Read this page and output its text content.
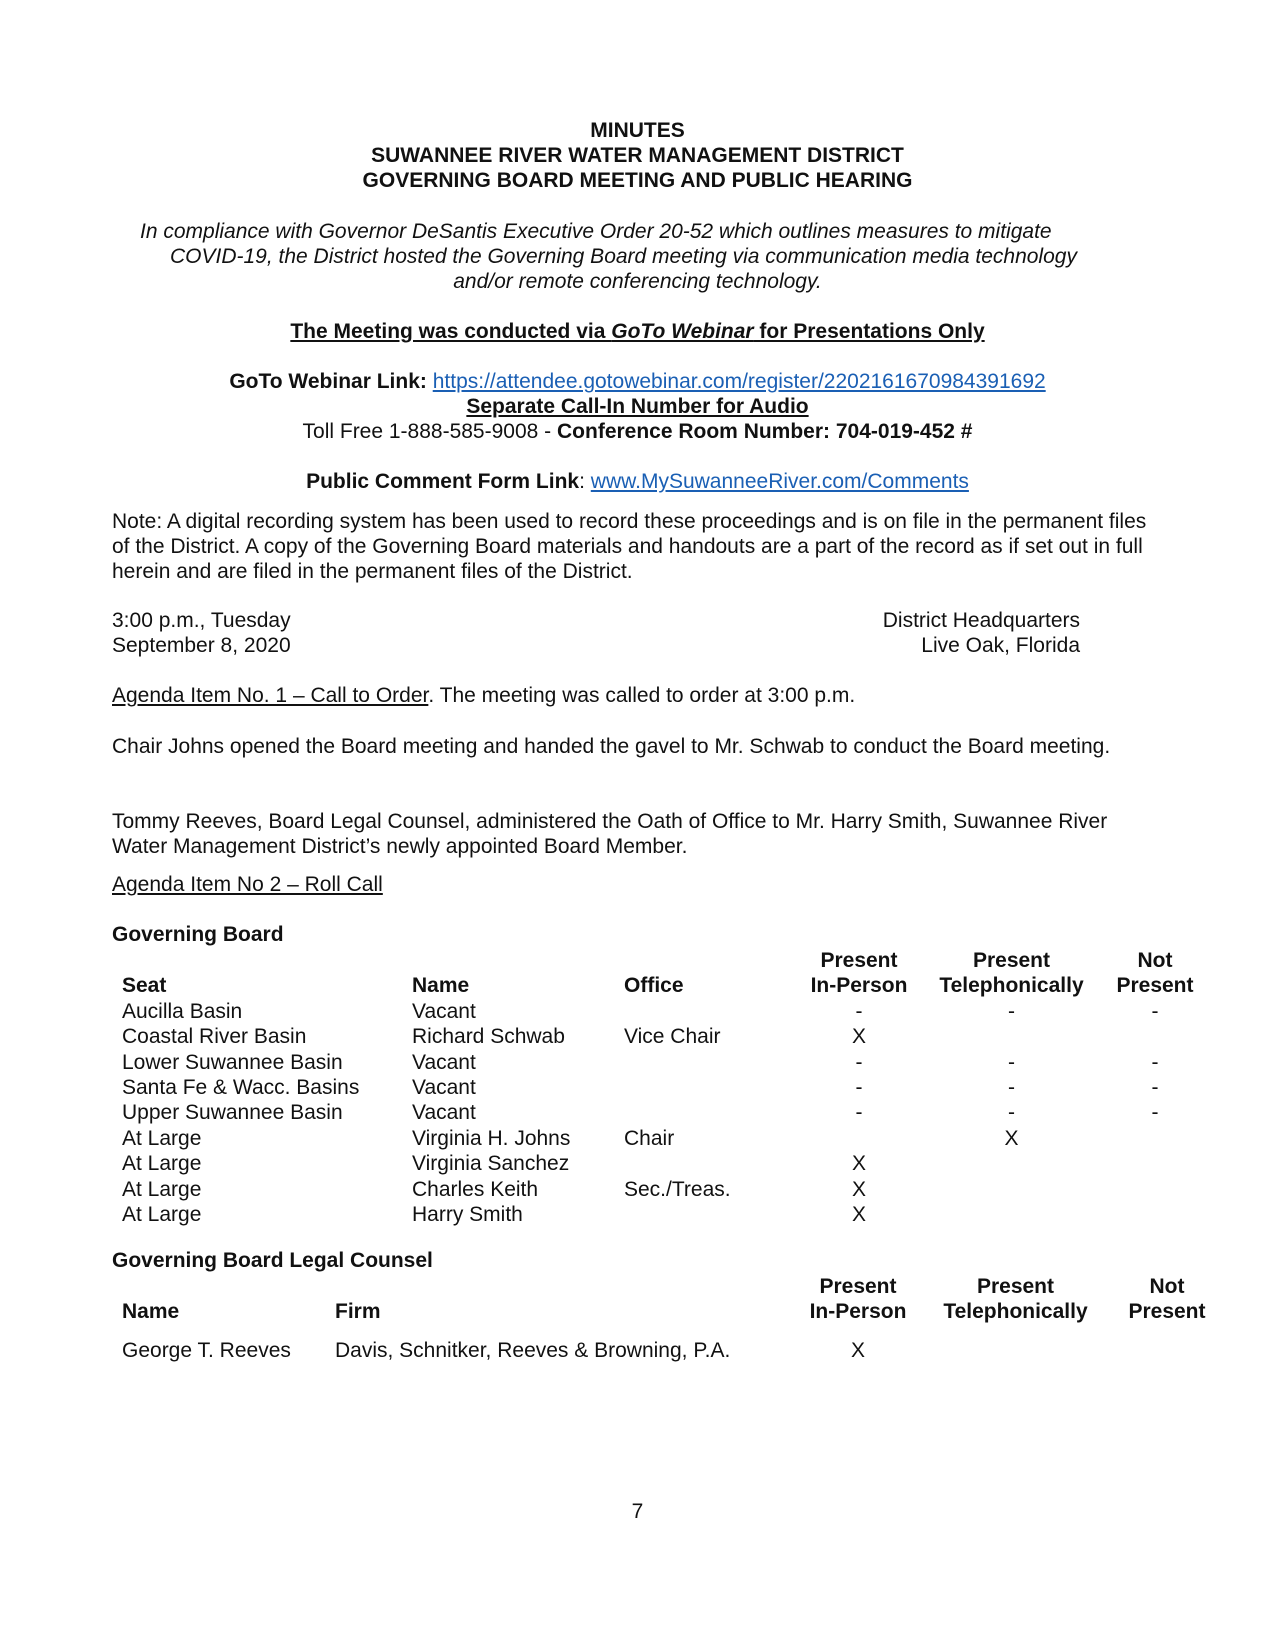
MINUTES
SUWANNEE RIVER WATER MANAGEMENT DISTRICT
GOVERNING BOARD MEETING AND PUBLIC HEARING
In compliance with Governor DeSantis Executive Order 20-52 which outlines measures to mitigate
COVID-19, the District hosted the Governing Board meeting via communication media technology
and/or remote conferencing technology.
The Meeting was conducted via GoTo Webinar for Presentations Only
GoTo Webinar Link: https://attendee.gotowebinar.com/register/2202161670984391692
Separate Call-In Number for Audio
Toll Free 1-888-585-9008 - Conference Room Number: 704-019-452 #
Public Comment Form Link: www.MySuwanneeRiver.com/Comments
Note: A digital recording system has been used to record these proceedings and is on file in the permanent files of the District. A copy of the Governing Board materials and handouts are a part of the record as if set out in full herein and are filed in the permanent files of the District.
3:00 p.m., Tuesday
September 8, 2020
District Headquarters
Live Oak, Florida
Agenda Item No. 1 – Call to Order. The meeting was called to order at 3:00 p.m.
Chair Johns opened the Board meeting and handed the gavel to Mr. Schwab to conduct the Board meeting.
Tommy Reeves, Board Legal Counsel, administered the Oath of Office to Mr. Harry Smith, Suwannee River Water Management District’s newly appointed Board Member.
Agenda Item No 2 – Roll Call
Governing Board
			Present	Present	Not
Seat	Name	Office	In-Person	Telephonically	Present
Aucilla Basin	Vacant		-	-	-
Coastal River Basin	Richard Schwab	Vice Chair	X		
Lower Suwannee Basin	Vacant		-	-	-
Santa Fe & Wacc. Basins	Vacant		-	-	-
Upper Suwannee Basin	Vacant		-	-	-
At Large	Virginia H. Johns	Chair		X	
At Large	Virginia Sanchez		X		
At Large	Charles Keith	Sec./Treas.	X		
At Large	Harry Smith		X		
Governing Board Legal Counsel
		Present	Present	Not
Name	Firm	In-Person	Telephonically	Present
George T. Reeves	Davis, Schnitker, Reeves & Browning, P.A.	X		
7
